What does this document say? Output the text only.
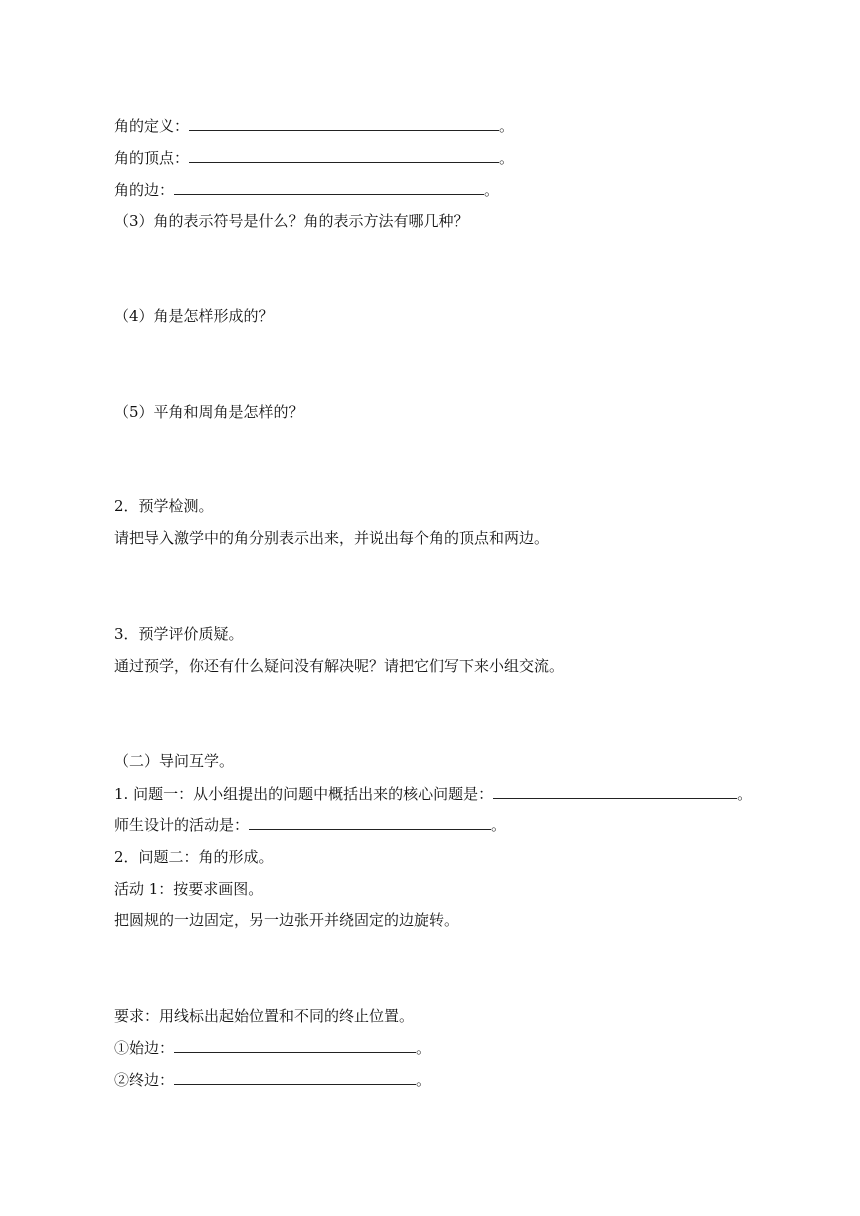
角的定义：	。
角的顶点：	。
角的边：	。
（3）角的表示符号是什么？角的表示方法有哪几种？
（4）角是怎样形成的？
（5）平角和周角是怎样的？
2．预学检测。
请把导入激学中的角分别表示出来，并说出每个角的顶点和两边。
3．预学评价质疑。
通过预学，你还有什么疑问没有解决呢？请把它们写下来小组交流。
（二）导问互学。
1. 问题一：从小组提出的问题中概括出来的核心问题是：	。
师生设计的活动是：	。
2．问题二：角的形成。
活动 1：按要求画图。
把圆规的一边固定，另一边张开并绕固定的边旋转。
要求：用线标出起始位置和不同的终止位置。
①始边：	。
②终边：	。
